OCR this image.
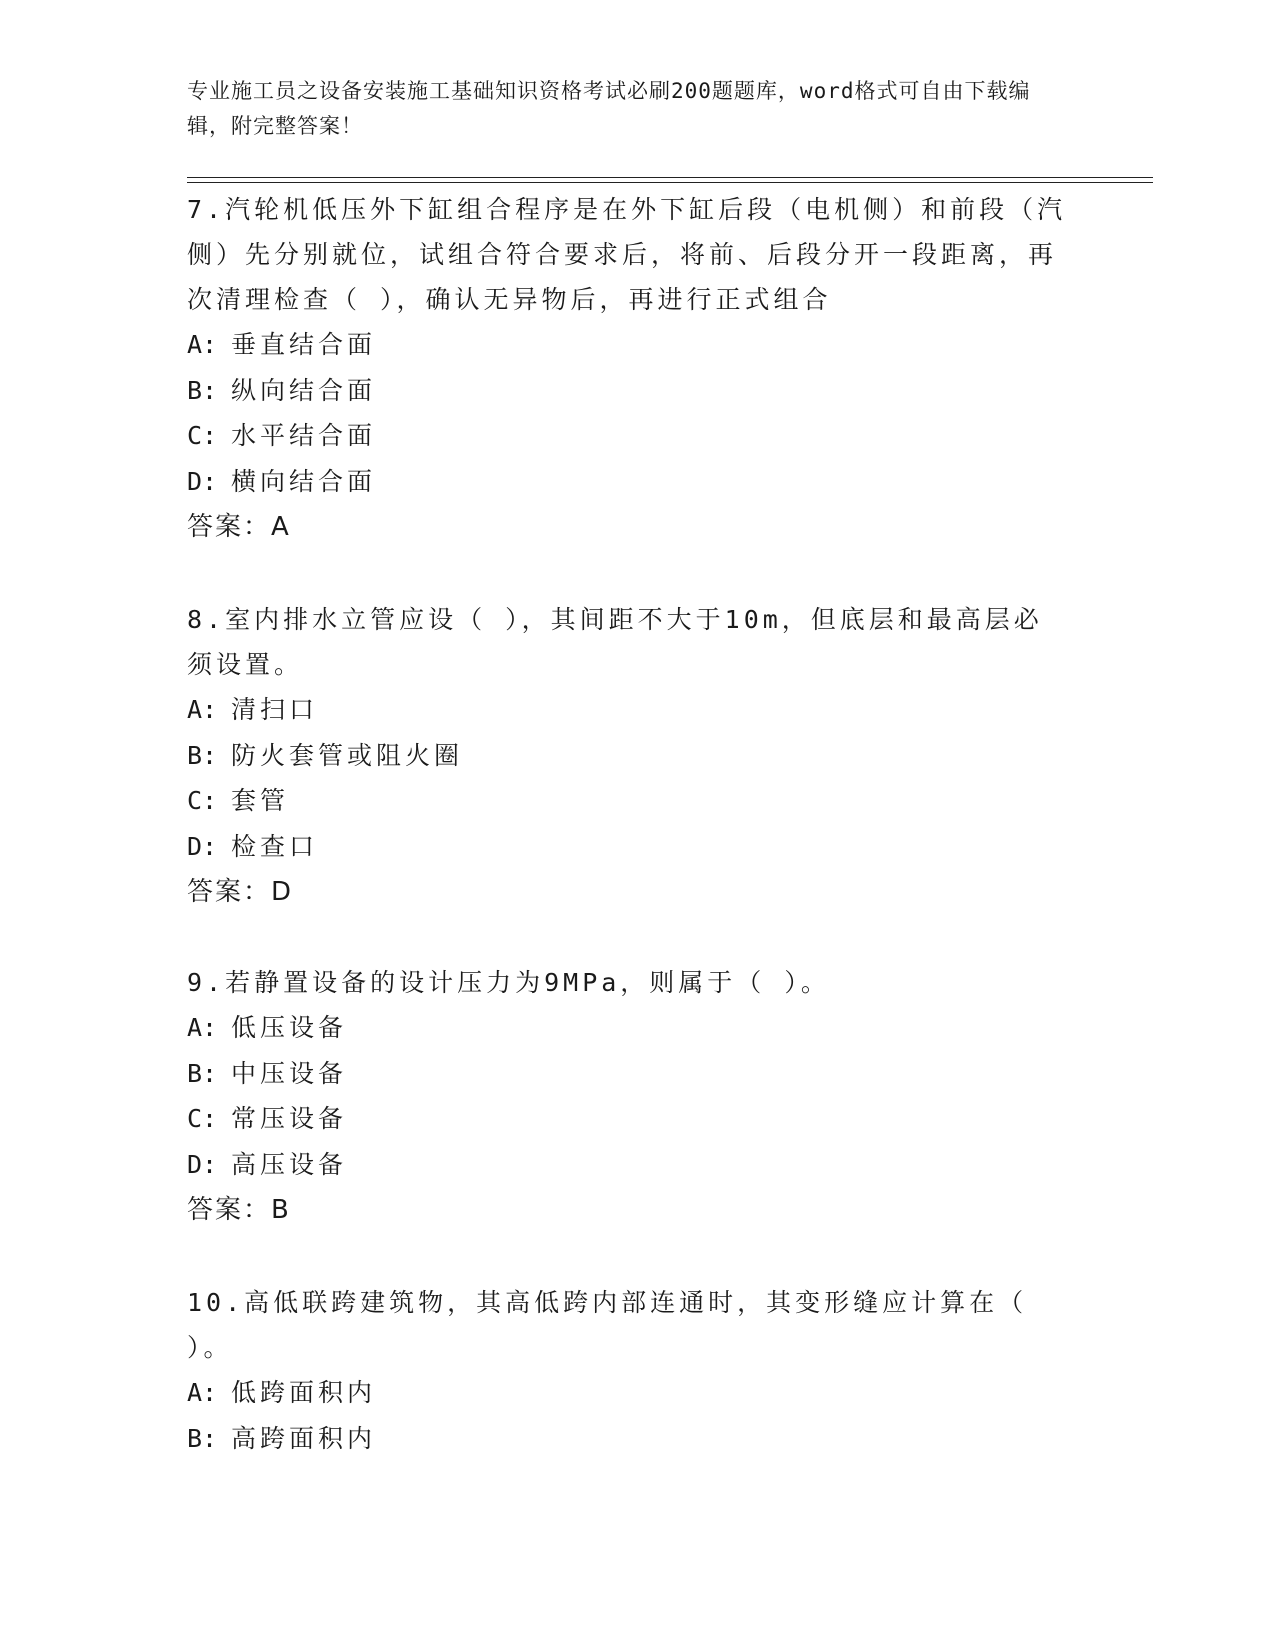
专业施工员之设备安装施工基础知识资格考试必刷200题题库，word格式可自由下载编辑，附完整答案！

7.汽轮机低压外下缸组合程序是在外下缸后段（电机侧）和前段（汽侧）先分别就位，试组合符合要求后，将前、后段分开一段距离，再次清理检查（ ），确认无异物后，再进行正式组合

A: 垂直结合面

B: 纵向结合面

C: 水平结合面

D: 横向结合面

答案：A

8.室内排水立管应设（ ），其间距不大于10m，但底层和最高层必须设置。

A: 清扫口

B: 防火套管或阻火圈

C: 套管

D: 检查口

答案：D

9.若静置设备的设计压力为9MPa，则属于（ ）。

A: 低压设备

B: 中压设备

C: 常压设备

D: 高压设备

答案：B

10.高低联跨建筑物，其高低跨内部连通时，其变形缝应计算在（ ）。

A: 低跨面积内

B: 高跨面积内
